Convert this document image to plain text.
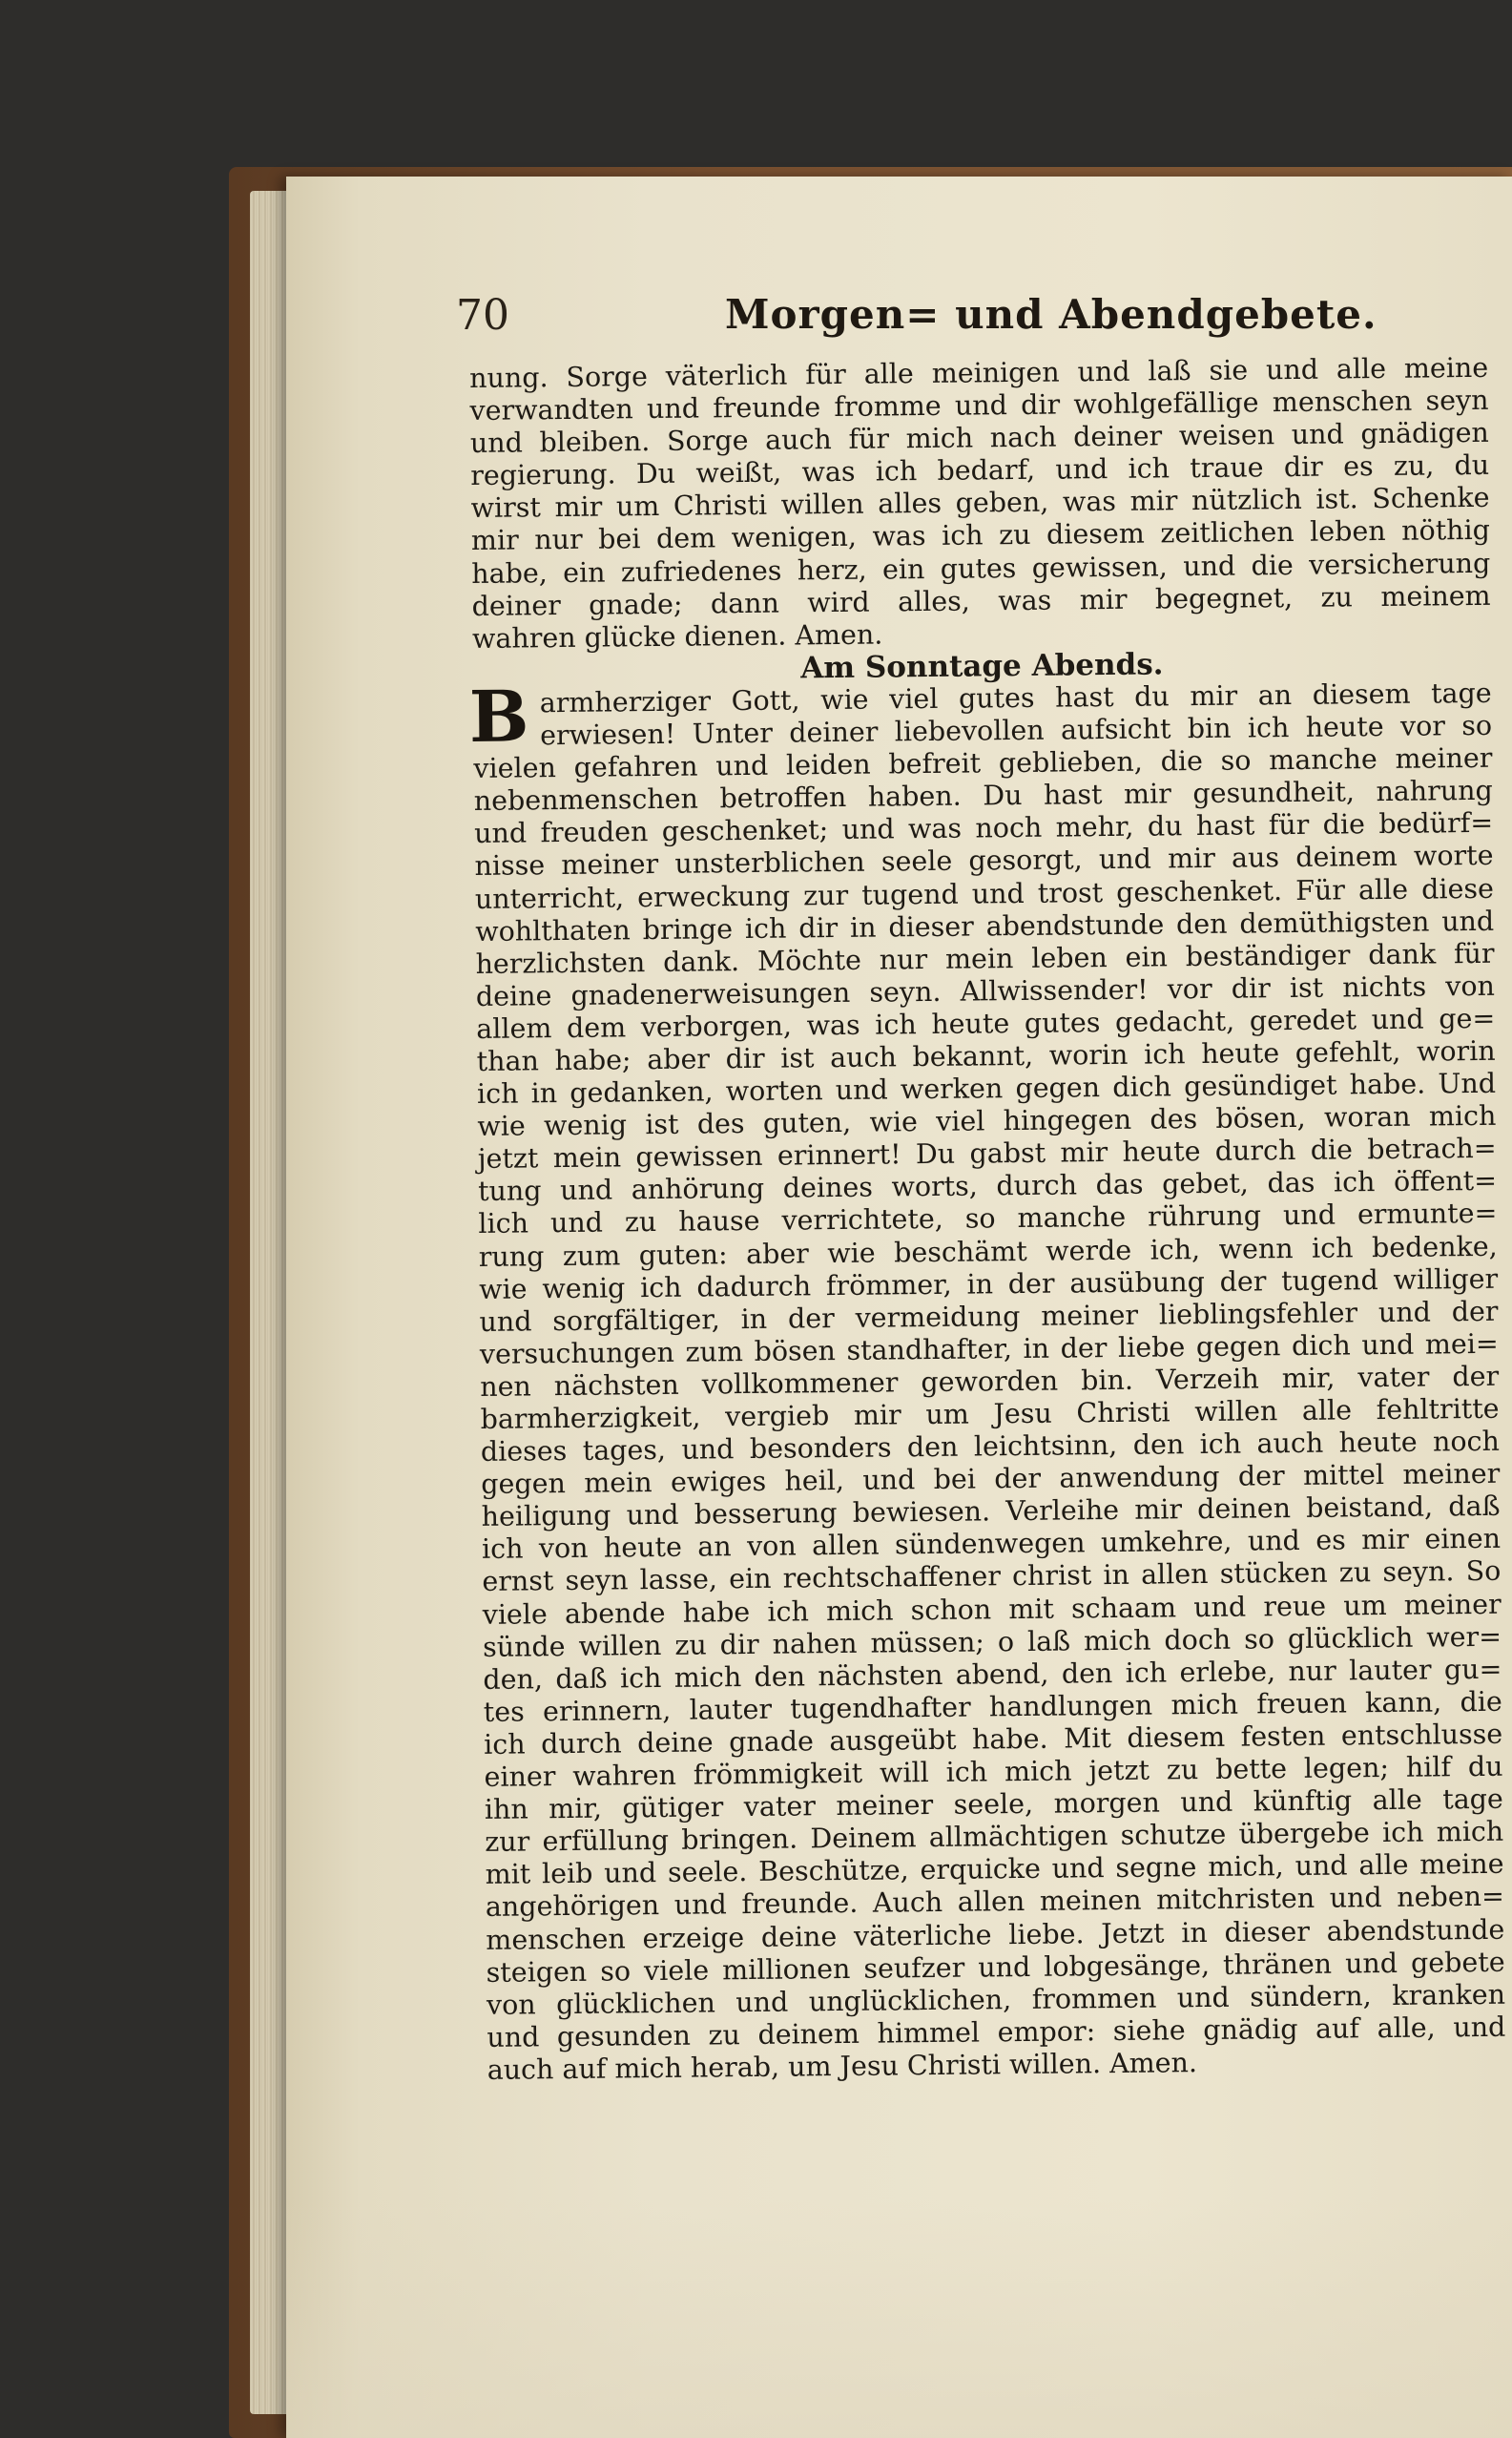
70	Morgen= und Abendgebete.
nung. Sorge väterlich für alle meinigen und laß sie und alle meine
verwandten und freunde fromme und dir wohlgefällige menschen seyn
und bleiben. Sorge auch für mich nach deiner weisen und gnädigen
regierung. Du weißt, was ich bedarf, und ich traue dir es zu, du
wirst mir um Christi willen alles geben, was mir nützlich ist. Schenke
mir nur bei dem wenigen, was ich zu diesem zeitlichen leben nöthig
habe, ein zufriedenes herz, ein gutes gewissen, und die versicherung
deiner gnade; dann wird alles, was mir begegnet, zu meinem
wahren glücke dienen. Amen.
Am Sonntage Abends.
B armherziger Gott, wie viel gutes hast du mir an diesem tage
erwiesen! Unter deiner liebevollen aufsicht bin ich heute vor so
vielen gefahren und leiden befreit geblieben, die so manche meiner
nebenmenschen betroffen haben. Du hast mir gesundheit, nahrung
und freuden geschenket; und was noch mehr, du hast für die bedürf=
nisse meiner unsterblichen seele gesorgt, und mir aus deinem worte
unterricht, erweckung zur tugend und trost geschenket. Für alle diese
wohlthaten bringe ich dir in dieser abendstunde den demüthigsten und
herzlichsten dank. Möchte nur mein leben ein beständiger dank für
deine gnadenerweisungen seyn. Allwissender! vor dir ist nichts von
allem dem verborgen, was ich heute gutes gedacht, geredet und ge=
than habe; aber dir ist auch bekannt, worin ich heute gefehlt, worin
ich in gedanken, worten und werken gegen dich gesündiget habe. Und
wie wenig ist des guten, wie viel hingegen des bösen, woran mich
jetzt mein gewissen erinnert! Du gabst mir heute durch die betrach=
tung und anhörung deines worts, durch das gebet, das ich öffent=
lich und zu hause verrichtete, so manche rührung und ermunte=
rung zum guten: aber wie beschämt werde ich, wenn ich bedenke,
wie wenig ich dadurch frömmer, in der ausübung der tugend williger
und sorgfältiger, in der vermeidung meiner lieblingsfehler und der
versuchungen zum bösen standhafter, in der liebe gegen dich und mei=
nen nächsten vollkommener geworden bin. Verzeih mir, vater der
barmherzigkeit, vergieb mir um Jesu Christi willen alle fehltritte
dieses tages, und besonders den leichtsinn, den ich auch heute noch
gegen mein ewiges heil, und bei der anwendung der mittel meiner
heiligung und besserung bewiesen. Verleihe mir deinen beistand, daß
ich von heute an von allen sündenwegen umkehre, und es mir einen
ernst seyn lasse, ein rechtschaffener christ in allen stücken zu seyn. So
viele abende habe ich mich schon mit schaam und reue um meiner
sünde willen zu dir nahen müssen; o laß mich doch so glücklich wer=
den, daß ich mich den nächsten abend, den ich erlebe, nur lauter gu=
tes erinnern, lauter tugendhafter handlungen mich freuen kann, die
ich durch deine gnade ausgeübt habe. Mit diesem festen entschlusse
einer wahren frömmigkeit will ich mich jetzt zu bette legen; hilf du
ihn mir, gütiger vater meiner seele, morgen und künftig alle tage
zur erfüllung bringen. Deinem allmächtigen schutze übergebe ich mich
mit leib und seele. Beschütze, erquicke und segne mich, und alle meine
angehörigen und freunde. Auch allen meinen mitchristen und neben=
menschen erzeige deine väterliche liebe. Jetzt in dieser abendstunde
steigen so viele millionen seufzer und lobgesänge, thränen und gebete
von glücklichen und unglücklichen, frommen und sündern, kranken
und gesunden zu deinem himmel empor: siehe gnädig auf alle, und
auch auf mich herab, um Jesu Christi willen. Amen.
